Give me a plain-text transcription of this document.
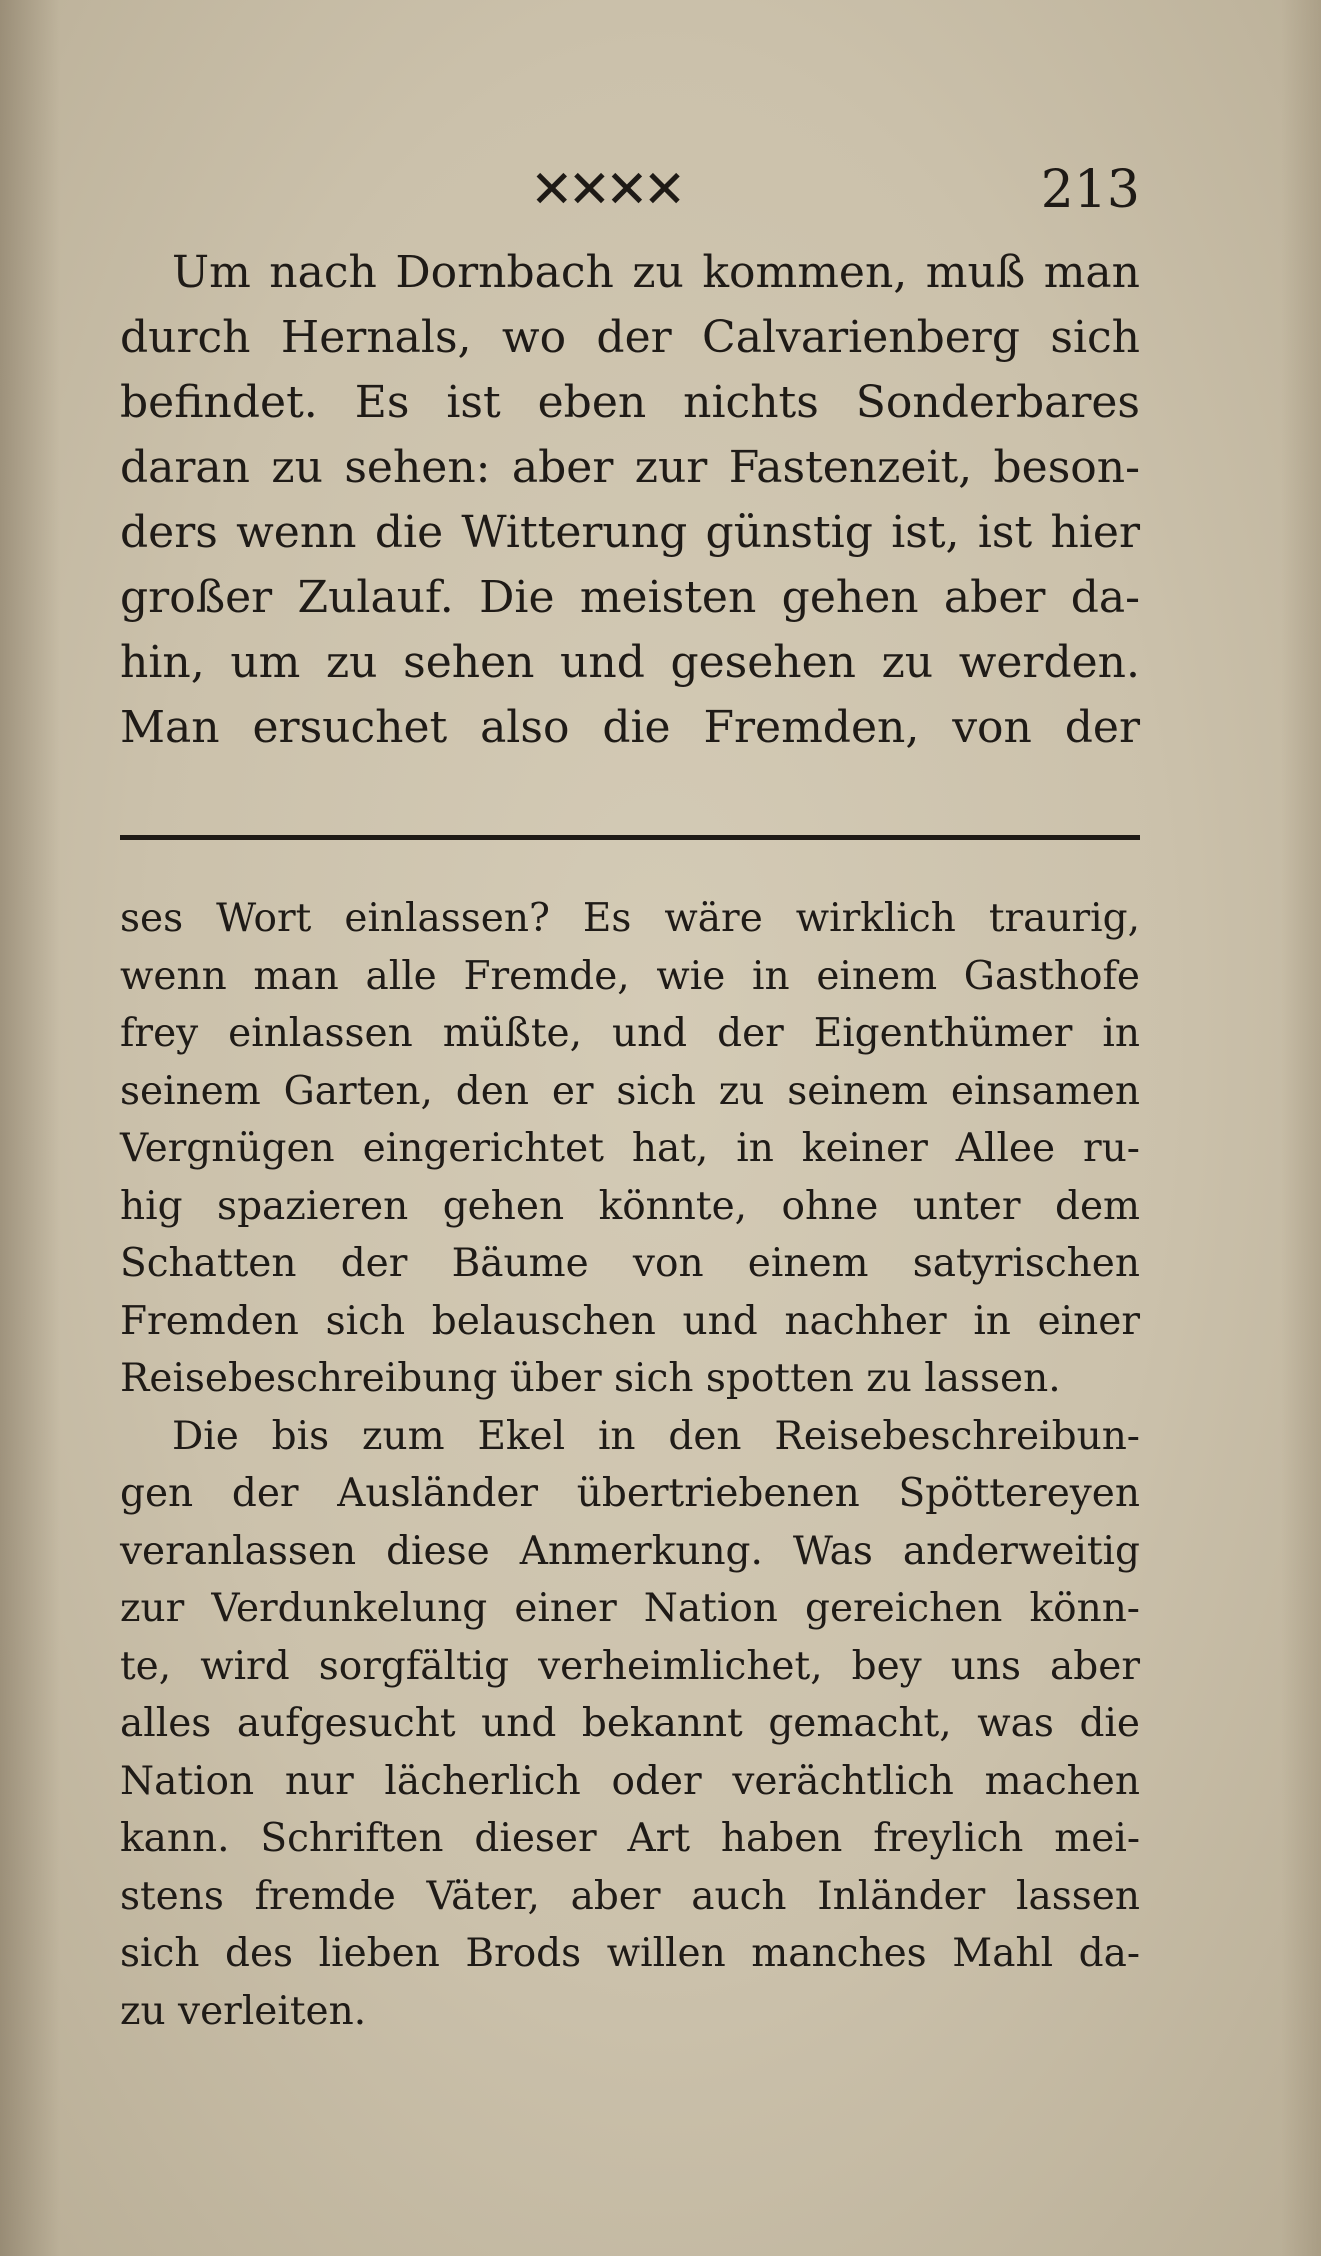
✕✕✕✕	213
Um nach Dornbach zu kommen, muß man
durch Hernals, wo der Calvarienberg sich
befindet. Es ist eben nichts Sonderbares
daran zu sehen: aber zur Fastenzeit, beson-
ders wenn die Witterung günstig ist, ist hier
großer Zulauf. Die meisten gehen aber da-
hin, um zu sehen und gesehen zu werden.
Man ersuchet also die Fremden, von der
ses Wort einlassen? Es wäre wirklich traurig,
wenn man alle Fremde, wie in einem Gasthofe
frey einlassen müßte, und der Eigenthümer in
seinem Garten, den er sich zu seinem einsamen
Vergnügen eingerichtet hat, in keiner Allee ru-
hig spazieren gehen könnte, ohne unter dem
Schatten der Bäume von einem satyrischen
Fremden sich belauschen und nachher in einer
Reisebeschreibung über sich spotten zu lassen.
Die bis zum Ekel in den Reisebeschreibun-
gen der Ausländer übertriebenen Spöttereyen
veranlassen diese Anmerkung. Was anderweitig
zur Verdunkelung einer Nation gereichen könn-
te, wird sorgfältig verheimlichet, bey uns aber
alles aufgesucht und bekannt gemacht, was die
Nation nur lächerlich oder verächtlich machen
kann. Schriften dieser Art haben freylich mei-
stens fremde Väter, aber auch Inländer lassen
sich des lieben Brods willen manches Mahl da-
zu verleiten.
